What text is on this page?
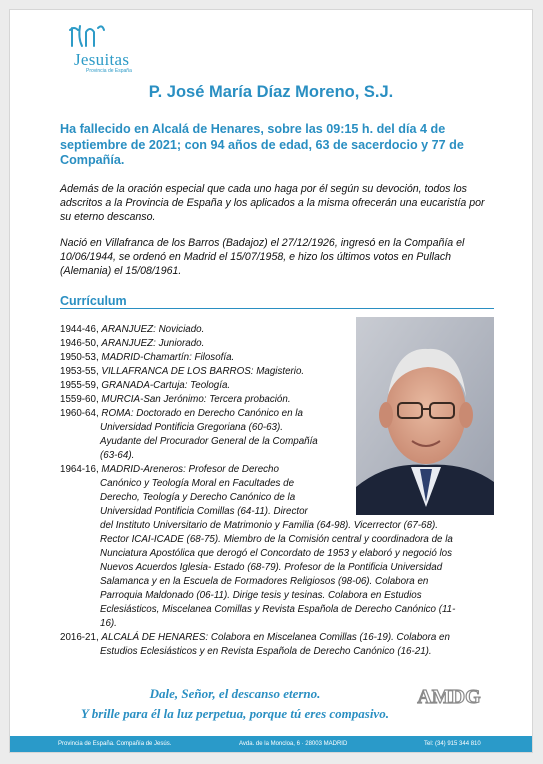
Jesuitas
Provincia de España
P. José María Díaz Moreno, S.J.
Ha fallecido en Alcalá de Henares, sobre las 09:15 h. del día 4 de septiembre de 2021; con 94 años de edad, 63 de sacerdocio y 77 de Compañía.
Además de la oración especial que cada uno haga por él según su devoción, todos los adscritos a la Provincia de España y los aplicados a la misma ofrecerán una eucaristía por su eterno descanso.
Nació en Villafranca de los Barros (Badajoz) el 27/12/1926, ingresó en la Compañía el 10/06/1944, se ordenó en Madrid el 15/07/1958, e hizo los últimos votos en Pullach (Alemania) el 15/08/1961.
Currículum
1944-46,
ARANJUEZ : Noviciado.
1946-50,
ARANJUEZ : Juniorado.
1950-53,
MADRID-Chamartín : Filosofía.
1953-55,
VILLAFRANCA DE LOS BARROS : Magisterio.
1955-59,
GRANADA-Cartuja : Teología.
1559-60,
MURCIA-San Jerónimo : Tercera probación.
1960-64,
ROMA : Doctorado en Derecho Canónico en la
Universidad Pontificia Gregoriana (60-63).
Ayudante del Procurador General de la Compañía
(63-64).
1964-16,
MADRID-Areneros : Profesor de Derecho
Canónico y Teología Moral en Facultades de
Derecho, Teología y Derecho Canónico de la
Universidad Pontificia Comillas (64-11). Director
del Instituto Universitario de Matrimonio y Familia (64-98). Vicerrector (67-68).
Rector ICAI-ICADE (68-75). Miembro de la Comisión central y coordinadora de la
Nunciatura Apostólica que derogó el Concordato de 1953 y elaboró y negoció los
Nuevos Acuerdos Iglesia- Estado (68-79). Profesor de la Pontificia Universidad
Salamanca y en la Escuela de Formadores Religiosos (98-06). Colabora en
Parroquia Maldonado (06-11). Dirige tesis y tesinas. Colabora en Estudios
Eclesiásticos, Miscelanea Comillas y Revista Española de Derecho Canónico (11-
16).
2016-21,
ALCALÁ DE HENARES : Colabora en Miscelanea Comillas (16-19). Colabora en
Estudios Eclesiásticos y en Revista Española de Derecho Canónico (16-21).
Dale, Señor, el descanso eterno.
Y brille para él la luz perpetua, porque tú eres compasivo.
AMDG
Provincia de España. Compañía de Jesús.	Avda. de la Moncloa, 6 · 28003 MADRID	Tel: (34) 915 344 810
